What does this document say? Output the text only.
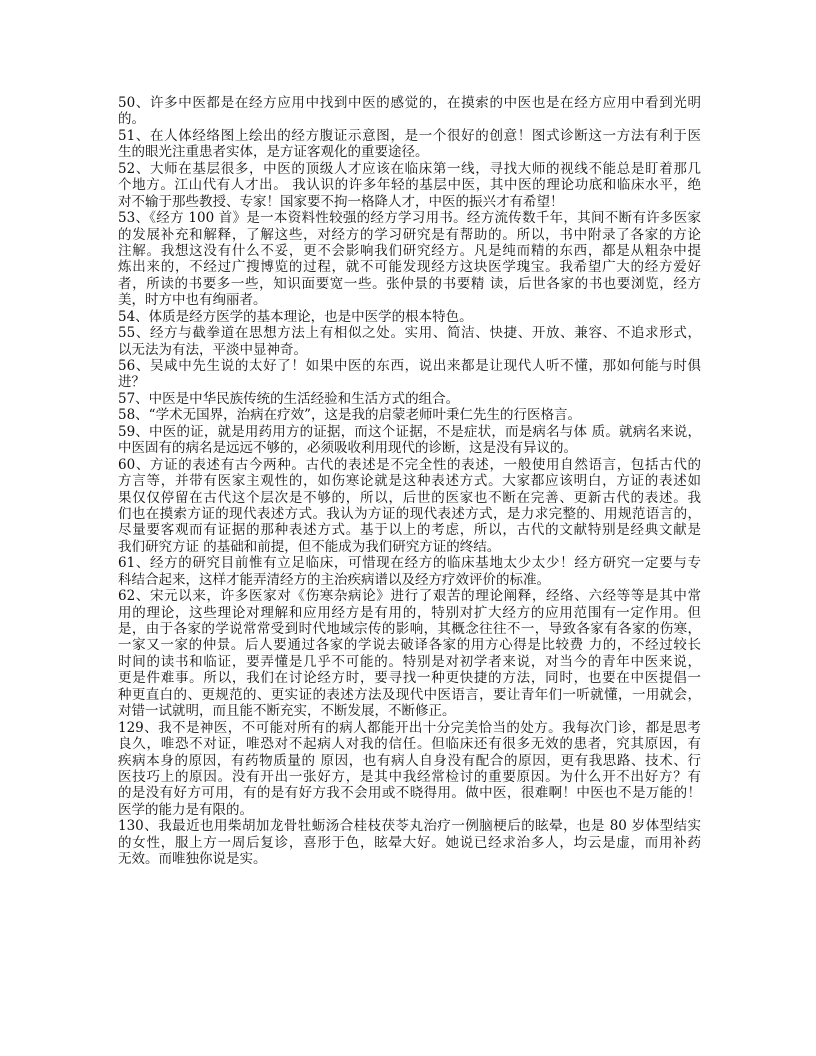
50、许多中医都是在经方应用中找到中医的感觉的，在摸索的中医也是在经方应用中看到光明
的。
51、在人体经络图上绘出的经方腹证示意图，是一个很好的创意！图式诊断这一方法有利于医
生的眼光注重患者实体，是方证客观化的重要途径。
52、大师在基层很多，中医的顶级人才应该在临床第一线，寻找大师的视线不能总是盯着那几
个地方。江山代有人才出。 我认识的许多年轻的基层中医，其中医的理论功底和临床水平，绝
对不输于那些教授、专家！国家要不拘一格降人才，中医的振兴才有希望！
53、《经方 100 首》是一本资料性较强的经方学习用书。经方流传数千年，其间不断有许多医家
的发展补充和解释，了解这些，对经方的学习研究是有帮助的。所以，书中附录了各家的方论
注解。我想这没有什么不妥，更不会影响我们研究经方。凡是纯而精的东西，都是从粗杂中提
炼出来的，不经过广搜博览的过程，就不可能发现经方这块医学瑰宝。我希望广大的经方爱好
者，所读的书要多一些，知识面要宽一些。张仲景的书要精 读，后世各家的书也要浏览，经方
美，时方中也有绚丽者。
54、体质是经方医学的基本理论，也是中医学的根本特色。
55、经方与截拳道在思想方法上有相似之处。实用、简洁、快捷、开放、兼容、不追求形式，
以无法为有法，平淡中显神奇。
56、吴咸中先生说的太好了！如果中医的东西，说出来都是让现代人听不懂，那如何能与时俱
进？
57、中医是中华民族传统的生活经验和生活方式的组合。
58、“学术无国界，治病在疗效”，这是我的启蒙老师叶秉仁先生的行医格言。
59、中医的证，就是用药用方的证据，而这个证据，不是症状，而是病名与体 质。就病名来说，
中医固有的病名是远远不够的，必须吸收利用现代的诊断，这是没有异议的。
60、方证的表述有古今两种。古代的表述是不完全性的表述，一般使用自然语言，包括古代的
方言等，并带有医家主观性的，如伤寒论就是这种表述方式。大家都应该明白，方证的表述如
果仅仅停留在古代这个层次是不够的，所以，后世的医家也不断在完善、更新古代的表述。我
们也在摸索方证的现代表述方式。我认为方证的现代表述方式，是力求完整的、用规范语言的，
尽量要客观而有证据的那种表述方式。基于以上的考虑，所以，古代的文献特别是经典文献是
我们研究方证 的基础和前提，但不能成为我们研究方证的终结。
61、经方的研究目前惟有立足临床，可惜现在经方的临床基地太少太少！经方研究一定要与专
科结合起来，这样才能弄清经方的主治疾病谱以及经方疗效评价的标准。
62、宋元以来，许多医家对《伤寒杂病论》进行了艰苦的理论阐释，经络、六经等等是其中常
用的理论，这些理论对理解和应用经方是有用的，特别对扩大经方的应用范围有一定作用。但
是，由于各家的学说常常受到时代地域宗传的影响，其概念往往不一，导致各家有各家的伤寒，
一家又一家的仲景。后人要通过各家的学说去破译各家的用方心得是比较费 力的，不经过较长
时间的读书和临证，要弄懂是几乎不可能的。特别是对初学者来说，对当今的青年中医来说，
更是件难事。所以，我们在讨论经方时，要寻找一种更快捷的方法，同时，也要在中医提倡一
种更直白的、更规范的、更实证的表述方法及现代中医语言，要让青年们一听就懂，一用就会，
对错一试就明，而且能不断充实，不断发展，不断修正。
129、我不是神医，不可能对所有的病人都能开出十分完美恰当的处方。我每次门诊，都是思考
良久，唯恐不对证，唯恐对不起病人对我的信任。但临床还有很多无效的患者，究其原因，有
疾病本身的原因，有药物质量的 原因，也有病人自身没有配合的原因，更有我思路、技术、行
医技巧上的原因。没有开出一张好方，是其中我经常检讨的重要原因。为什么开不出好方？有
的是没有好方可用，有的是有好方我不会用或不晓得用。做中医，很难啊！中医也不是万能的！
医学的能力是有限的。
130、我最近也用柴胡加龙骨牡蛎汤合桂枝茯苓丸治疗一例脑梗后的眩晕，也是 80 岁体型结实
的女性，服上方一周后复诊，喜形于色，眩晕大好。她说已经求治多人，均云是虚，而用补药
无效。而唯独你说是实。
